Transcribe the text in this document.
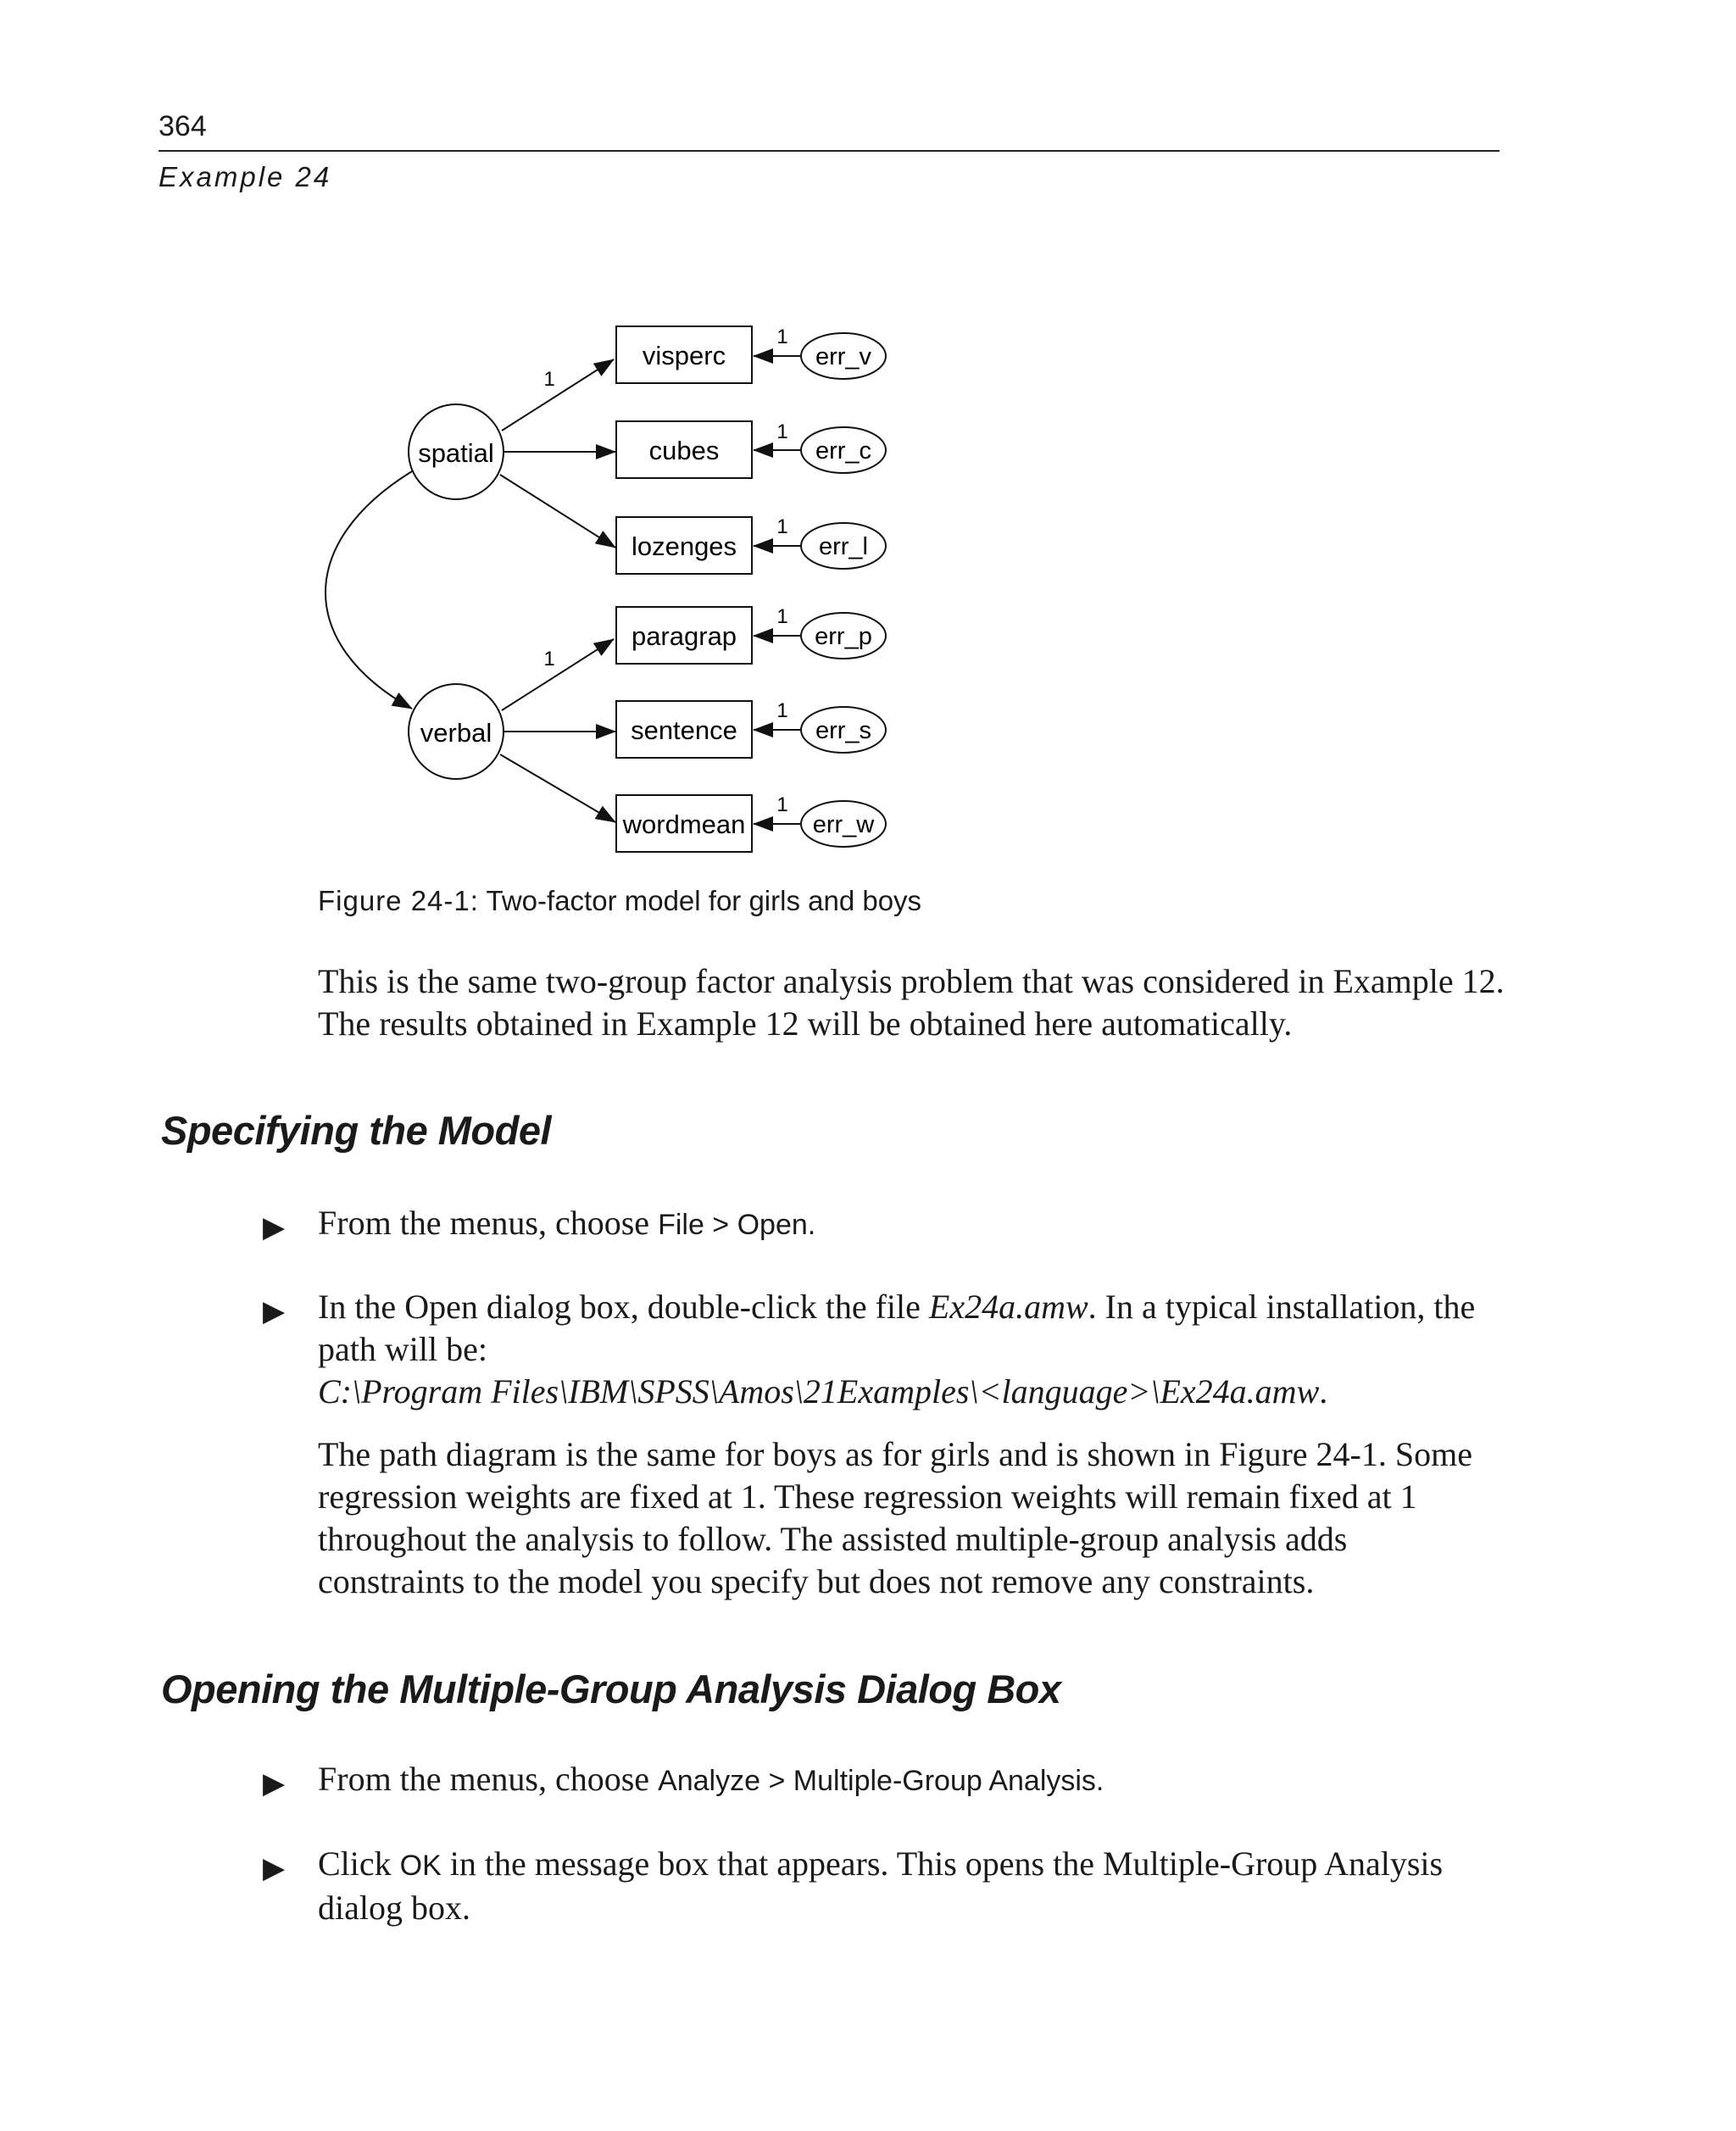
364
Example 24
spatial
verbal
1
1
visperc
cubes
lozenges
paragrap
sentence
wordmean
1
1
1
1
1
1
err_v
err_c
err_l
err_p
err_s
err_w
Figure 24-1: Two-factor model for girls and boys

This is the same two-group factor analysis problem that was considered in Example 12.

The results obtained in Example 12 will be obtained here automatically.

Specifying the Model
▶ From the menus, choose File > Open.

▶ In the Open dialog box, double-click the file Ex24a.amw. In a typical installation, the

path will be:

C:\Program Files\IBM\SPSS\Amos\21Examples\<language>\Ex24a.amw.

The path diagram is the same for boys as for girls and is shown in Figure 24-1. Some

regression weights are fixed at 1. These regression weights will remain fixed at 1

throughout the analysis to follow. The assisted multiple-group analysis adds

constraints to the model you specify but does not remove any constraints.

Opening the Multiple-Group Analysis Dialog Box
▶ From the menus, choose Analyze > Multiple-Group Analysis.

▶ Click OK in the message box that appears. This opens the Multiple-Group Analysis

dialog box.
